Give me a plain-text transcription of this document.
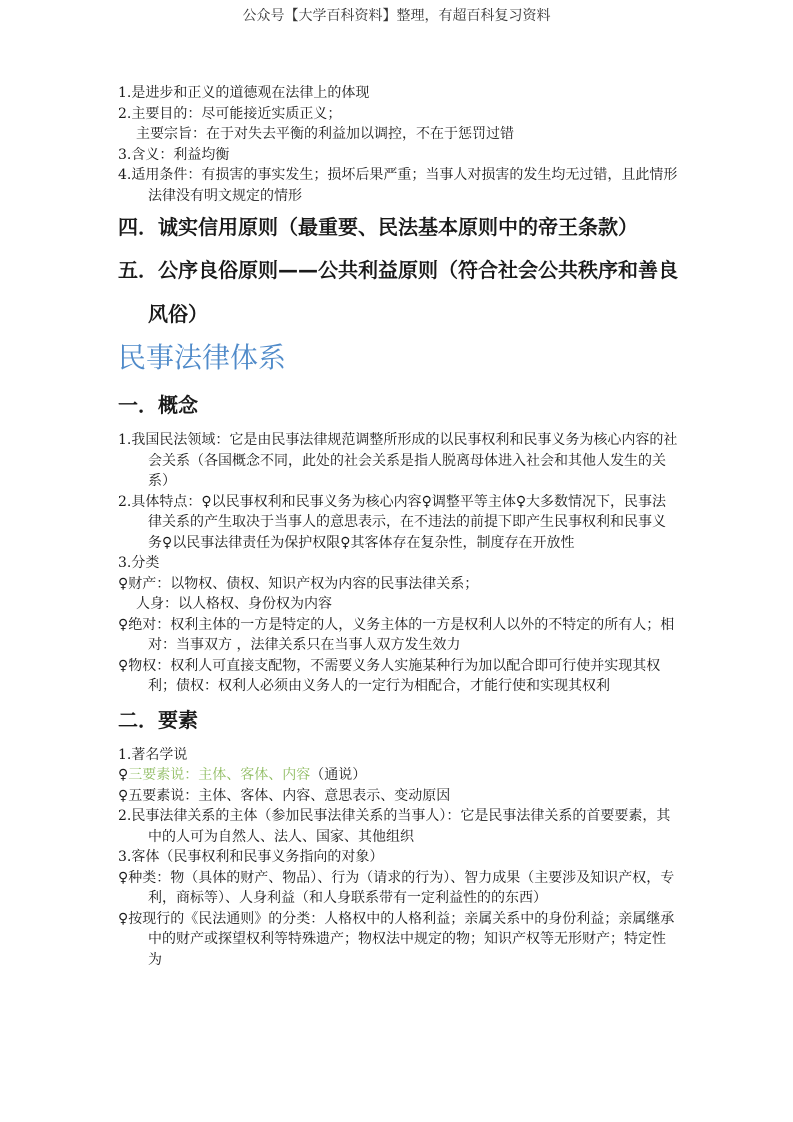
公众号【大学百科资料】整理，有超百科复习资料

1.是进步和正义的道德观在法律上的体现

2.主要目的：尽可能接近实质正义；

主要宗旨：在于对失去平衡的利益加以调控，不在于惩罚过错

3.含义：利益均衡

4.适用条件：有损害的事实发生；损坏后果严重；当事人对损害的发生均无过错，且此情形法律没有明文规定的情形

四．诚实信用原则（最重要、民法基本原则中的帝王条款）

五．公序良俗原则——公共利益原则（符合社会公共秩序和善良风俗）

民事法律体系

一．概念

1.我国民法领域：它是由民事法律规范调整所形成的以民事权利和民事义务为核心内容的社会关系（各国概念不同，此处的社会关系是指人脱离母体进入社会和其他人发生的关系）

2.具体特点：♀以民事权利和民事义务为核心内容♀调整平等主体♀大多数情况下，民事法律关系的产生取决于当事人的意思表示，在不违法的前提下即产生民事权利和民事义务♀以民事法律责任为保护权限♀其客体存在复杂性，制度存在开放性

3.分类

♀财产：以物权、债权、知识产权为内容的民事法律关系；

人身：以人格权、身份权为内容

♀绝对：权利主体的一方是特定的人，义务主体的一方是权利人以外的不特定的所有人；相对：当事双方 ，法律关系只在当事人双方发生效力

♀物权：权利人可直接支配物，不需要义务人实施某种行为加以配合即可行使并实现其权利；债权：权利人必须由义务人的一定行为相配合，才能行使和实现其权利

二．要素

1.著名学说

♀三要素说：主体、客体、内容（通说）

♀五要素说：主体、客体、内容、意思表示、变动原因

2.民事法律关系的主体（参加民事法律关系的当事人）：它是民事法律关系的首要要素，其中的人可为自然人、法人、国家、其他组织

3.客体（民事权利和民事义务指向的对象）

♀种类：物（具体的财产、物品）、行为（请求的行为）、智力成果（主要涉及知识产权，专利，商标等）、人身利益（和人身联系带有一定利益性的的东西）

♀按现行的《民法通则》的分类：人格权中的人格利益；亲属关系中的身份利益；亲属继承中的财产或探望权利等特殊遗产；物权法中规定的物；知识产权等无形财产；特定性为
